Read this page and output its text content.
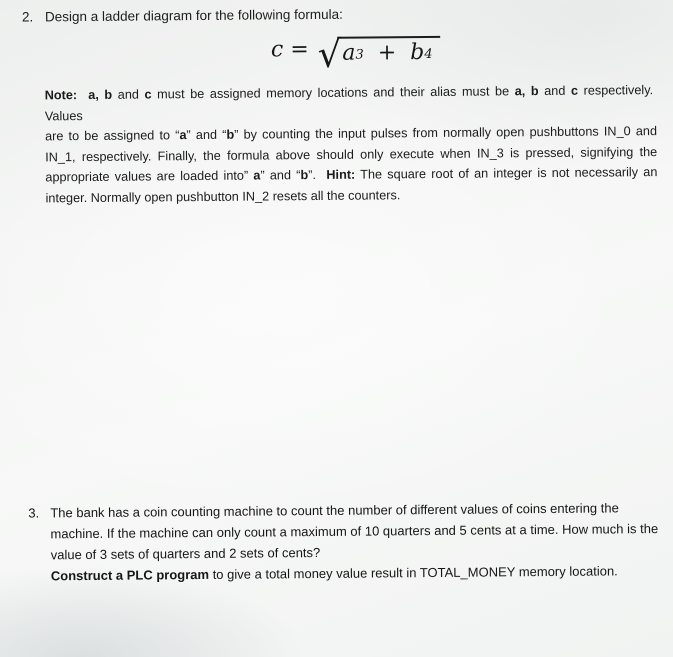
2. Design a ladder diagram for the following formula:
c = √ a3 + b4
Note:  a, b and c must be assigned memory locations and their alias must be a, b and c respectively.  Values
are to be assigned to “a” and “b” by counting the input pulses from normally open pushbuttons IN_0 and
IN_1, respectively. Finally, the formula above should only execute when IN_3 is pressed, signifying the
appropriate values are loaded into” a” and “b”.  Hint: The square root of an integer is not necessarily an
integer. Normally open pushbutton IN_2 resets all the counters.
3. The bank has a coin counting machine to count the number of different values of coins entering the
machine. If the machine can only count a maximum of 10 quarters and 5 cents at a time. How much is the
value of 3 sets of quarters and 2 sets of cents?
Construct a PLC program to give a total money value result in TOTAL_MONEY memory location.
